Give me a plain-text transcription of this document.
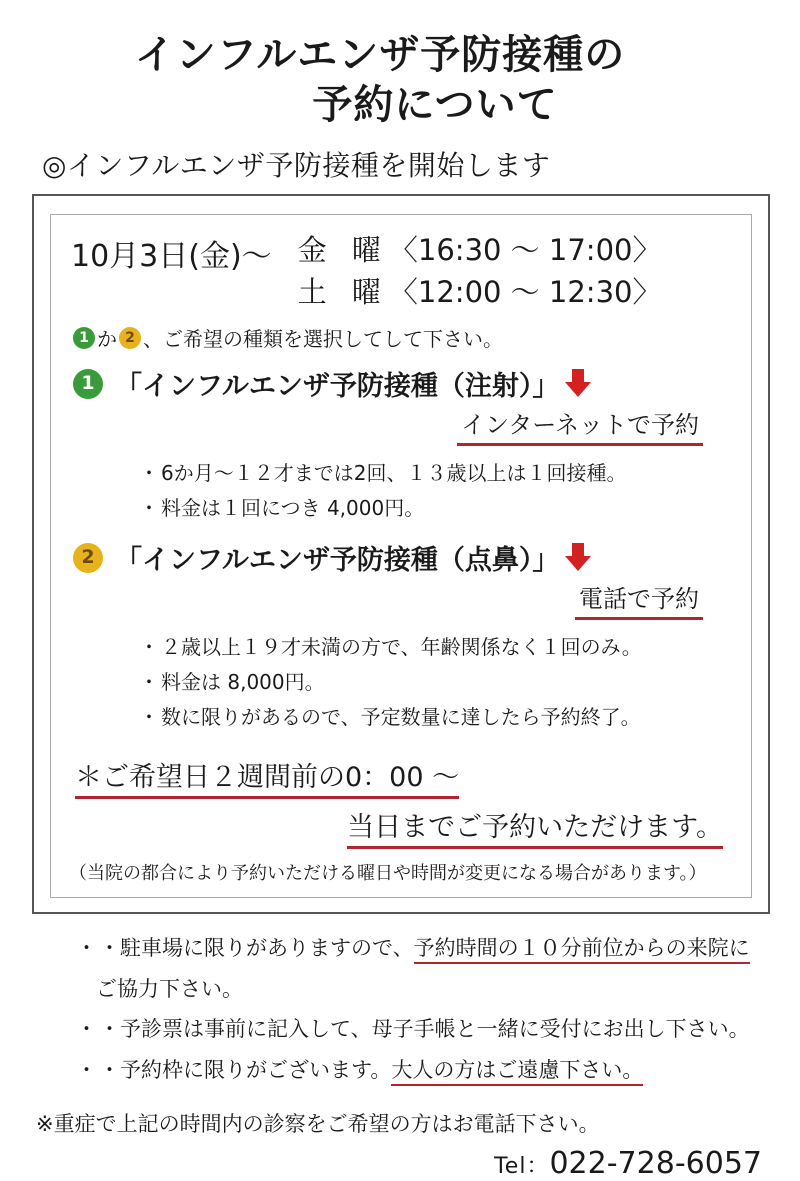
インフルエンザ予防接種の
予約について
◎インフルエンザ予防接種を開始します
10月3日(金)〜 金 曜〈16:30 〜 17:00〉
土 曜〈12:00 〜 12:30〉
1 か 2 、ご希望の種類を選択してして下さい。
1 「インフルエンザ予防接種（注射）」
インターネットで予約
・ 6か月〜１２才までは2回、１３歳以上は１回接種。
・ 料金は１回につき 4,000円。
2 「インフルエンザ予防接種（点鼻）」
電話で予約
・ ２歳以上１９才未満の方で、年齢関係なく１回のみ。
・ 料金は 8,000円。
・ 数に限りがあるので、予定数量に達したら予約終了。
＊ご希望日２週間前の0：00 〜
当日までご予約いただけます。
（当院の都合により予約いただける曜日や時間が変更になる場合があります。）
・ ・駐車場に限りがありますので、予約時間の１０分前位からの来院に
ご協力下さい。
・ ・予診票は事前に記入して、母子手帳と一緒に受付にお出し下さい。
・ ・予約枠に限りがございます。大人の方はご遠慮下さい。
※重症で上記の時間内の診察をご希望の方はお電話下さい。
Tel：022-728-6057
